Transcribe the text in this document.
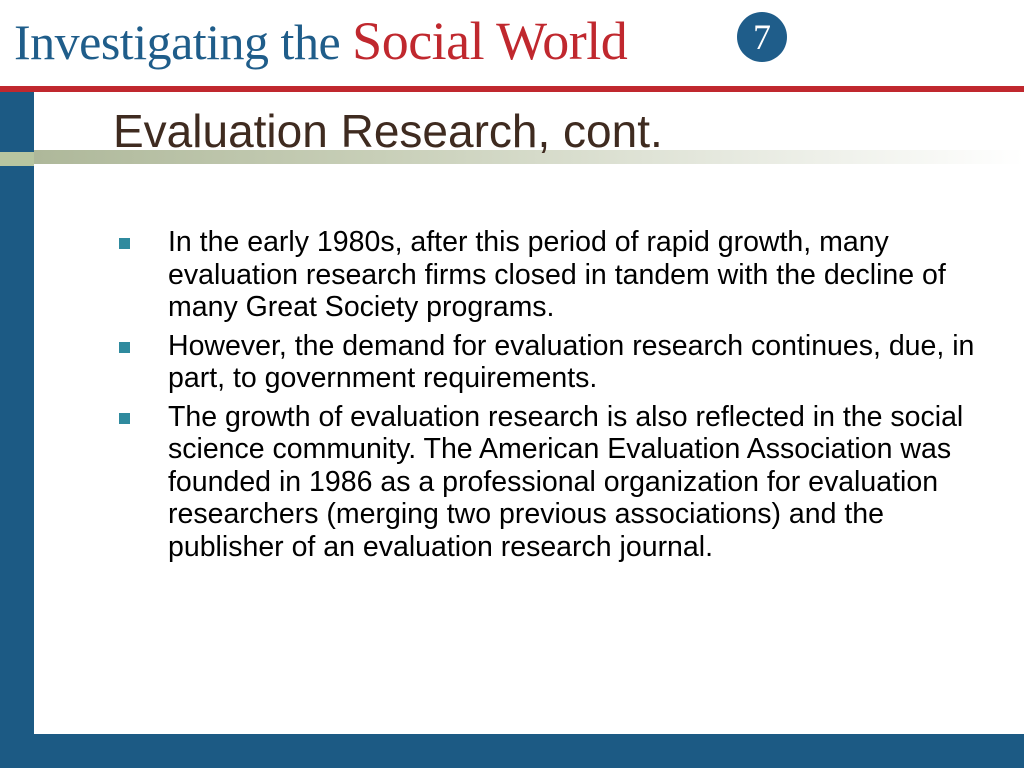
Investigating the Social World	7
Evaluation Research, cont.
In the early 1980s, after this period of rapid growth, many evaluation research firms closed in tandem with the decline of many Great Society programs.
However, the demand for evaluation research continues, due, in part, to government requirements.
The growth of evaluation research is also reflected in the social science community. The American Evaluation Association was founded in 1986 as a professional organization for evaluation researchers (merging two previous associations) and the publisher of an evaluation research journal.
